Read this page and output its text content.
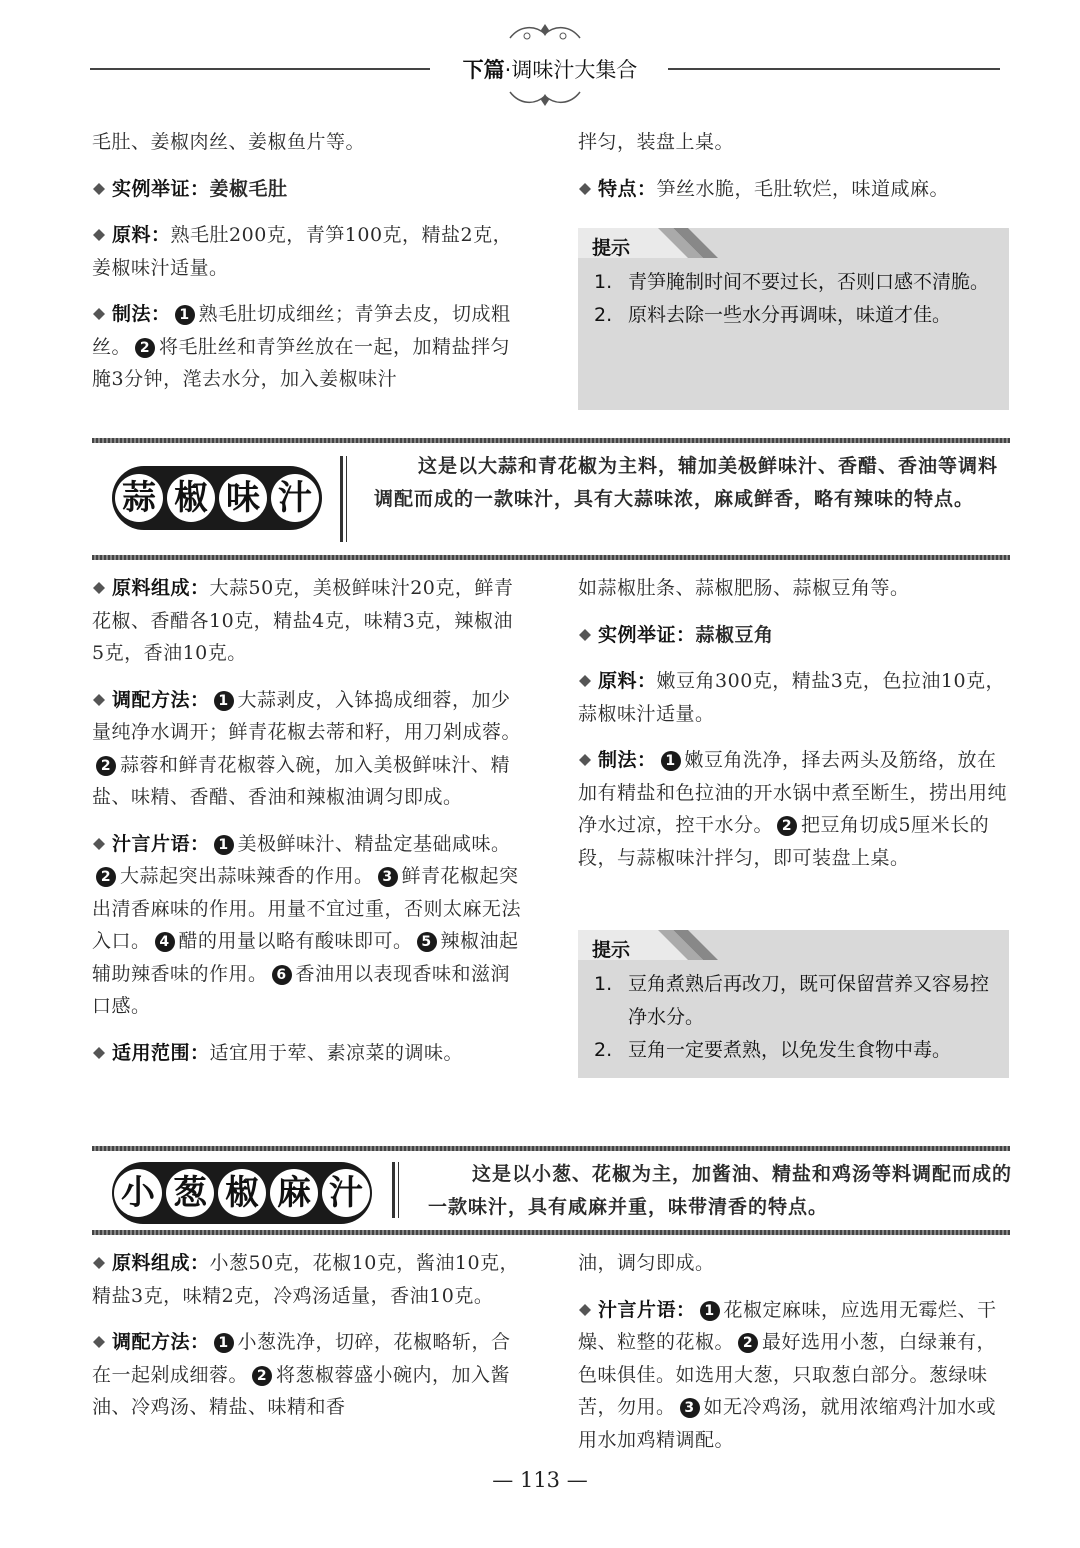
下篇·调味汁大集合

毛肚、姜椒肉丝、姜椒鱼片等。

实例举证：姜椒毛肚

原料：熟毛肚200克，青笋100克，精盐2克，姜椒味汁适量。

制法： 1 熟毛肚切成细丝；青笋去皮，切成粗丝。 2 将毛肚丝和青笋丝放在一起，加精盐拌匀腌3分钟，滗去水分，加入姜椒味汁

拌匀，装盘上桌。

特点：笋丝水脆，毛肚软烂，味道咸麻。

提示
1. 青笋腌制时间不要过长，否则口感不清脆。
2. 原料去除一些水分再调味，味道才佳。
蒜 椒 味 汁
这是以大蒜和青花椒为主料，辅加美极鲜味汁、香醋、香油等调料调配而成的一款味汁，具有大蒜味浓，麻咸鲜香，略有辣味的特点。

原料组成：大蒜50克，美极鲜味汁20克，鲜青花椒、香醋各10克，精盐4克，味精3克，辣椒油5克，香油10克。

调配方法： 1 大蒜剥皮，入钵捣成细蓉，加少量纯净水调开；鲜青花椒去蒂和籽，用刀剁成蓉。2 蒜蓉和鲜青花椒蓉入碗，加入美极鲜味汁、精盐、味精、香醋、香油和辣椒油调匀即成。

汁言片语： 1 美极鲜味汁、精盐定基础咸味。2 大蒜起突出蒜味辣香的作用。 3 鲜青花椒起突出清香麻味的作用。用量不宜过重，否则太麻无法入口。 4 醋的用量以略有酸味即可。 5 辣椒油起辅助辣香味的作用。 6 香油用以表现香味和滋润口感。

适用范围：适宜用于荤、素凉菜的调味。

如蒜椒肚条、蒜椒肥肠、蒜椒豆角等。

实例举证：蒜椒豆角

原料：嫩豆角300克，精盐3克，色拉油10克，蒜椒味汁适量。

制法： 1 嫩豆角洗净，择去两头及筋络，放在加有精盐和色拉油的开水锅中煮至断生，捞出用纯净水过凉，控干水分。 2 把豆角切成5厘米长的段，与蒜椒味汁拌匀，即可装盘上桌。

提示
1. 豆角煮熟后再改刀，既可保留营养又容易控净水分。
2. 豆角一定要煮熟，以免发生食物中毒。
小 葱 椒 麻 汁	这是以小葱、花椒为主，加酱油、精盐和鸡汤等料调配而成的一款味汁，具有咸麻并重，味带清香的特点。

原料组成：小葱50克，花椒10克，酱油10克，精盐3克，味精2克，冷鸡汤适量，香油10克。

调配方法： 1 小葱洗净，切碎，花椒略斩，合在一起剁成细蓉。 2 将葱椒蓉盛小碗内，加入酱油、冷鸡汤、精盐、味精和香

油，调匀即成。

汁言片语： 1 花椒定麻味，应选用无霉烂、干燥、粒整的花椒。 2 最好选用小葱，白绿兼有，色味俱佳。如选用大葱，只取葱白部分。葱绿味苦，勿用。 3 如无冷鸡汤，就用浓缩鸡汁加水或用水加鸡精调配。

— 113 —
